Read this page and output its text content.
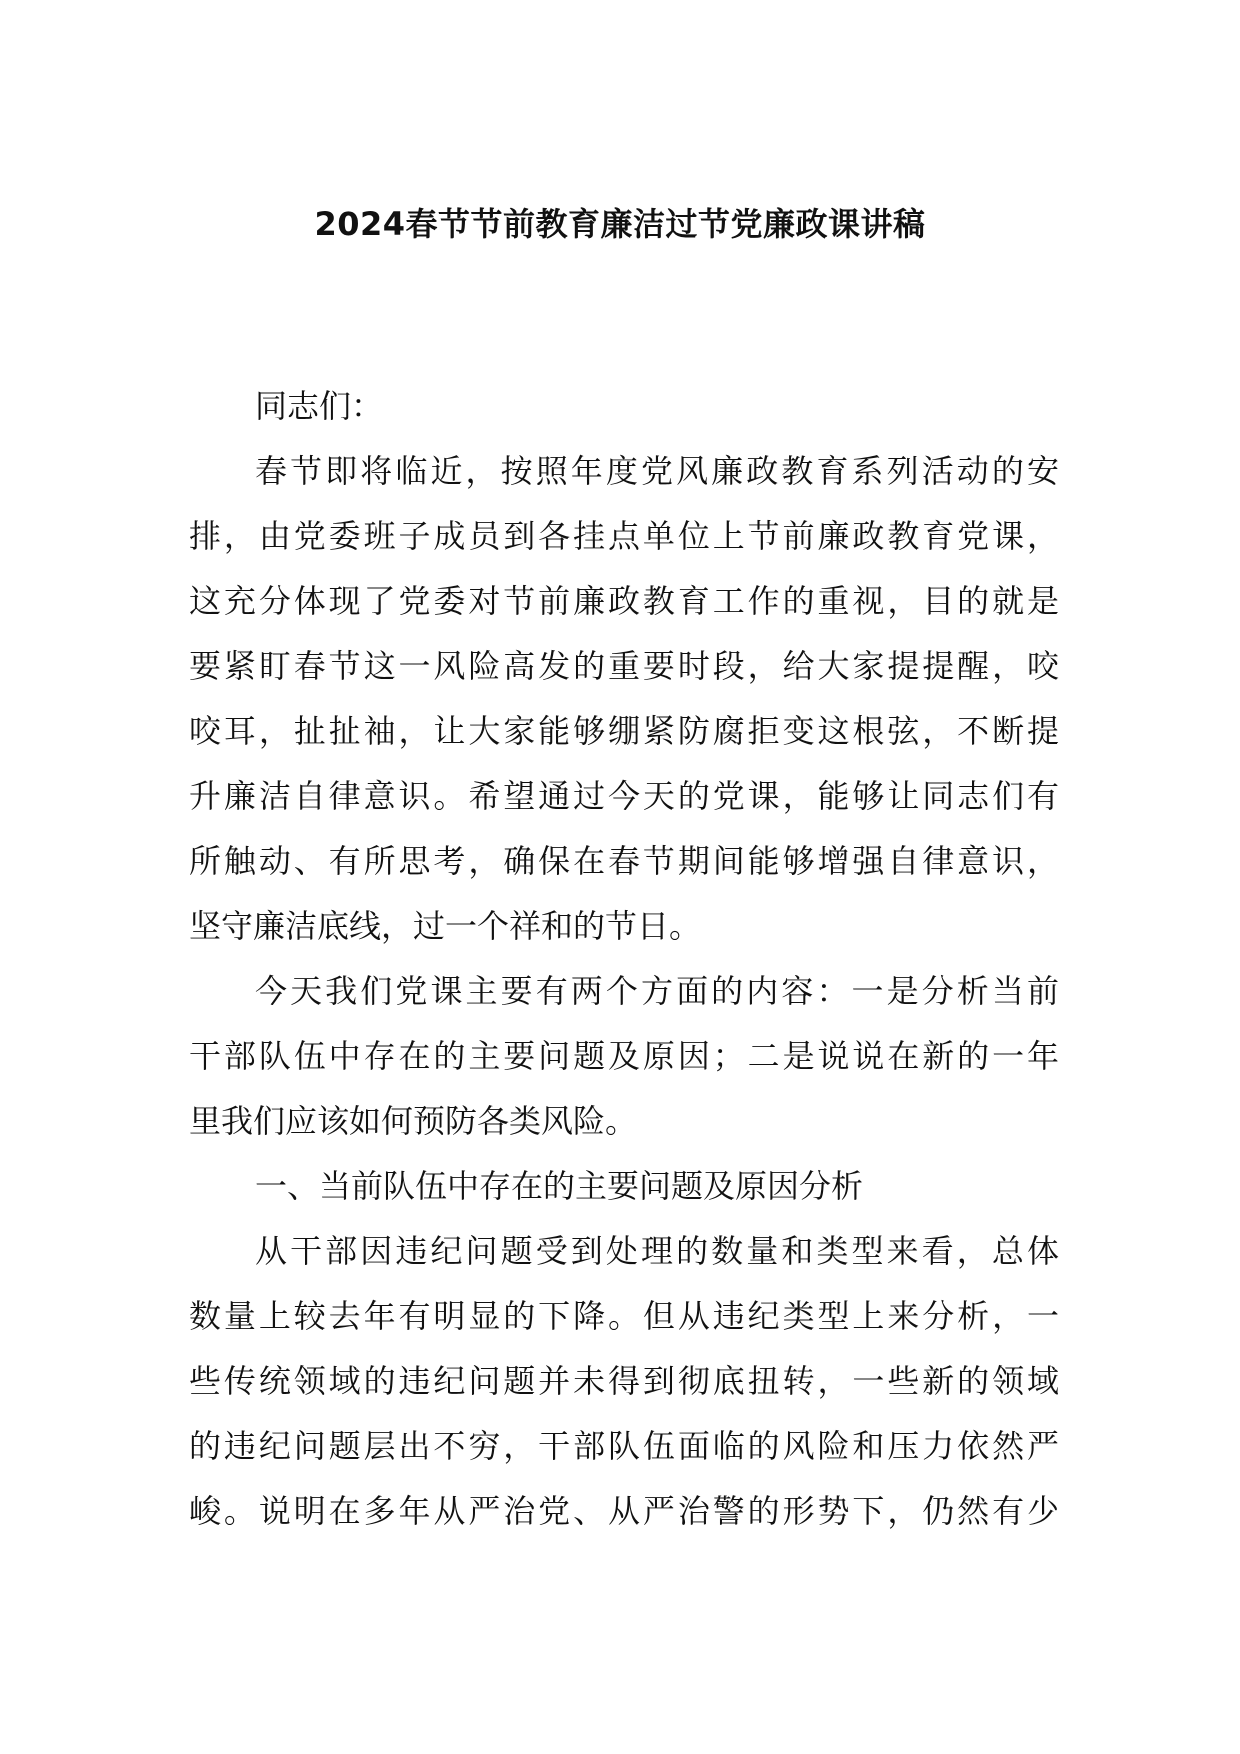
2024春节节前教育廉洁过节党廉政课讲稿
同志们：
春节即将临近，按照年度党风廉政教育系列活动的安
排，由党委班子成员到各挂点单位上节前廉政教育党课，
这充分体现了党委对节前廉政教育工作的重视，目的就是
要紧盯春节这一风险高发的重要时段，给大家提提醒，咬
咬耳，扯扯袖，让大家能够绷紧防腐拒变这根弦，不断提
升廉洁自律意识。希望通过今天的党课，能够让同志们有
所触动、有所思考，确保在春节期间能够增强自律意识，
坚守廉洁底线，过一个祥和的节日。
今天我们党课主要有两个方面的内容：一是分析当前
干部队伍中存在的主要问题及原因；二是说说在新的一年
里我们应该如何预防各类风险。
一、当前队伍中存在的主要问题及原因分析
从干部因违纪问题受到处理的数量和类型来看，总体
数量上较去年有明显的下降。但从违纪类型上来分析，一
些传统领域的违纪问题并未得到彻底扭转，一些新的领域
的违纪问题层出不穷，干部队伍面临的风险和压力依然严
峻。说明在多年从严治党、从严治警的形势下，仍然有少
